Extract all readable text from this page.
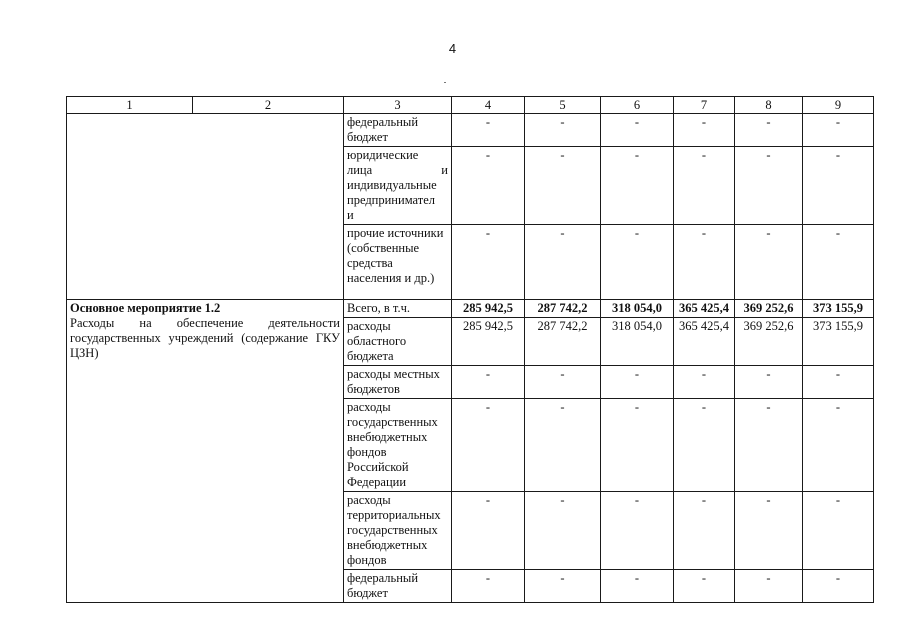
4
1	2	3	4	5	6	7	8	9
		федеральный бюджет	-	-	-	-	-	-

		юридические
лица и
индивидуальные
предпринимател
и	-	-	-	-	-	-
		прочие источники (собственные средства населения и др.)	-	-	-	-	-	-

Основное мероприятие 1.2
Расходы на обеспечение деятельности государственных учреждений (содержание ГКУ ЦЗН)		Всего, в т.ч.	285 942,5	287 742,2	318 054,0	365 425,4	369 252,6	373 155,9
		расходы областного бюджета	285 942,5	287 742,2	318 054,0	365 425,4	369 252,6	373 155,9
		расходы местных бюджетов	-	-	-	-	-	-
		расходы государственных внебюджетных фондов Российской Федерации	-	-	-	-	-	-
		расходы территориальных государственных внебюджетных фондов	-	-	-	-	-	-
		федеральный бюджет	-	-	-	-	-	-
